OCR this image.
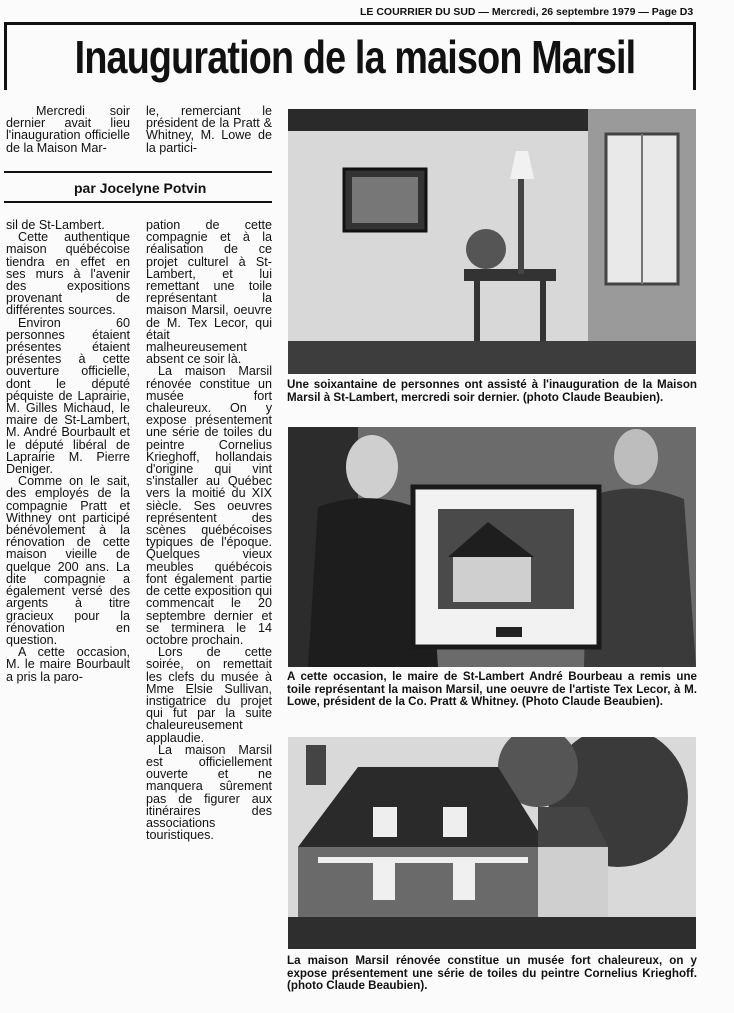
LE COURRIER DU SUD — Mercredi, 26 septembre 1979 — Page D3
Inauguration de la maison Marsil

Mercredi soir dernier avait lieu l'inauguration officielle de la Maison Mar-

le, remerciant le président de la Pratt & Whitney, M. Lowe de la partici-

par Jocelyne Potvin

sil de St-Lambert.

Cette authentique maison québécoise tiendra en effet en ses murs à l'avenir des expositions provenant de différentes sources.

Environ 60 personnes étaient présentes étaient présentes à cette ouverture officielle, dont le député péquiste de Laprairie, M. Gilles Michaud, le maire de St-Lambert, M. André Bourbault et le député libéral de Laprairie M. Pierre Deniger.

Comme on le sait, des employés de la compagnie Pratt et Withney ont participé bénévolement à la rénovation de cette maison vieille de quelque 200 ans. La dite compagnie a également versé des argents à titre gracieux pour la rénovation en question.

A cette occasion, M. le maire Bourbault a pris la paro-

pation de cette compagnie et à la réalisation de ce projet culturel à St-Lambert, et lui remettant une toile représentant la maison Marsil, oeuvre de M. Tex Lecor, qui était malheureusement absent ce soir là.

La maison Marsil rénovée constitue un musée fort chaleureux. On y expose présentement une série de toiles du peintre Cornelius Krieghoff, hollandais d'origine qui vint s'installer au Québec vers la moitié du XIX siècle. Ses oeuvres représentent des scènes québécoises typiques de l'époque. Quelques vieux meubles québécois font également partie de cette exposition qui commencait le 20 septembre dernier et se terminera le 14 octobre prochain.

Lors de cette soirée, on remettait les clefs du musée à Mme Elsie Sullivan, instigatrice du projet qui fut par la suite chaleureusement applaudie.

La maison Marsil est officiellement ouverte et ne manquera sûrement pas de figurer aux itinéraires des associations touristiques.

Une soixantaine de personnes ont assisté à l'inauguration de la Maison Marsil à St-Lambert, mercredi soir dernier. (photo Claude Beaubien).
A cette occasion, le maire de St-Lambert André Bourbeau a remis une toile représentant la maison Marsil, une oeuvre de l'artiste Tex Lecor, à M. Lowe, président de la Co. Pratt & Whitney. (Photo Claude Beaubien).
La maison Marsil rénovée constitue un musée fort chaleureux, on y expose présentement une série de toiles du peintre Cornelius Krieghoff. (photo Claude Beaubien).
